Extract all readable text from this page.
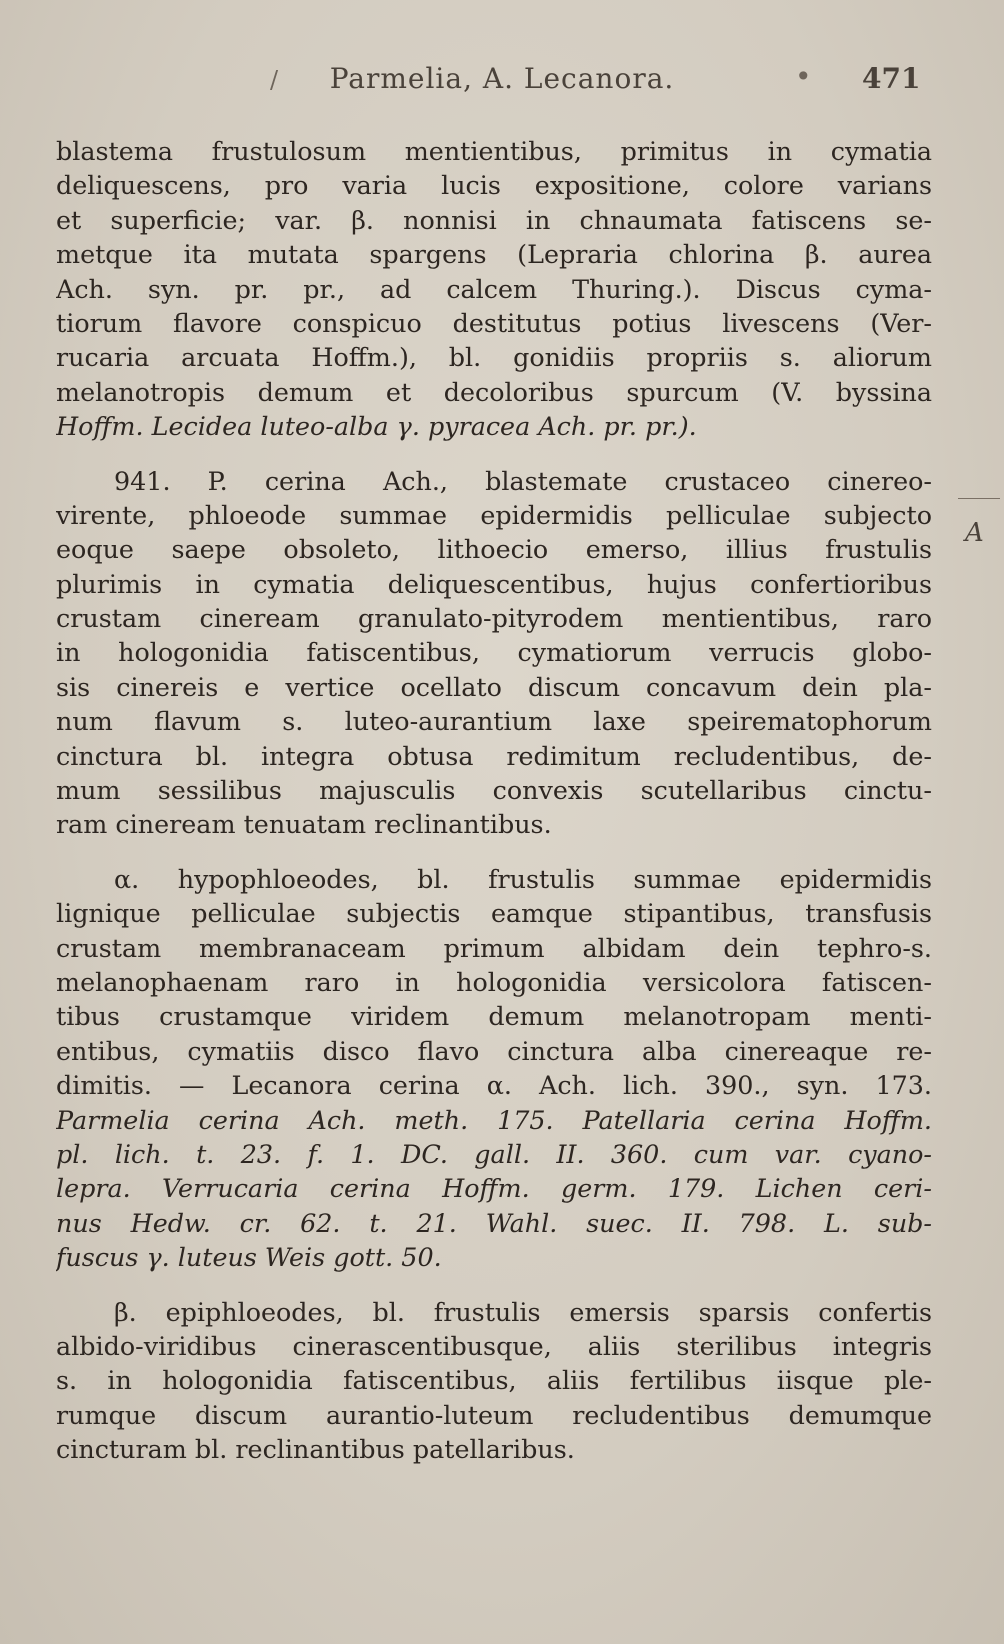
/	Parmelia, A. Lecanora.	• 471
A
blastema frustulosum mentientibus, primitus in cymatia
deliquescens, pro varia lucis expositione, colore varians
et superficie; var. β. nonnisi in chnaumata fatiscens se-
metque ita mutata spargens (Lepraria chlorina β. aurea
Ach. syn. pr. pr., ad calcem Thuring.). Discus cyma-
tiorum flavore conspicuo destitutus potius livescens (Ver-
rucaria arcuata Hoffm.), bl. gonidiis propriis s. aliorum
melanotropis demum et decoloribus spurcum (V. byssina
Hoffm. Lecidea luteo-alba γ. pyracea Ach. pr. pr.).
941. P. cerina Ach., blastemate crustaceo cinereo-
virente, phloeode summae epidermidis pelliculae subjecto
eoque saepe obsoleto, lithoecio emerso, illius frustulis
plurimis in cymatia deliquescentibus, hujus confertioribus
crustam cineream granulato-pityrodem mentientibus, raro
in hologonidia fatiscentibus, cymatiorum verrucis globo-
sis cinereis e vertice ocellato discum concavum dein pla-
num flavum s. luteo-aurantium laxe speirematophorum
cinctura bl. integra obtusa redimitum recludentibus, de-
mum sessilibus majusculis convexis scutellaribus cinctu-
ram cineream tenuatam reclinantibus.
α. hypophloeodes, bl. frustulis summae epidermidis
lignique pelliculae subjectis eamque stipantibus, transfusis
crustam membranaceam primum albidam dein tephro-s.
melanophaenam raro in hologonidia versicolora fatiscen-
tibus crustamque viridem demum melanotropam menti-
entibus, cymatiis disco flavo cinctura alba cinereaque re-
dimitis. — Lecanora cerina α. Ach. lich. 390., syn. 173.
Parmelia cerina Ach. meth. 175. Patellaria cerina Hoffm.
pl. lich. t. 23. f. 1. DC. gall. II. 360. cum var. cyano-
lepra. Verrucaria cerina Hoffm. germ. 179. Lichen ceri-
nus Hedw. cr. 62. t. 21. Wahl. suec. II. 798. L. sub-
fuscus γ. luteus Weis gott. 50.
β. epiphloeodes, bl. frustulis emersis sparsis confertis
albido-viridibus cinerascentibusque, aliis sterilibus integris
s. in hologonidia fatiscentibus, aliis fertilibus iisque ple-
rumque discum aurantio-luteum recludentibus demumque
cincturam bl. reclinantibus patellaribus.
